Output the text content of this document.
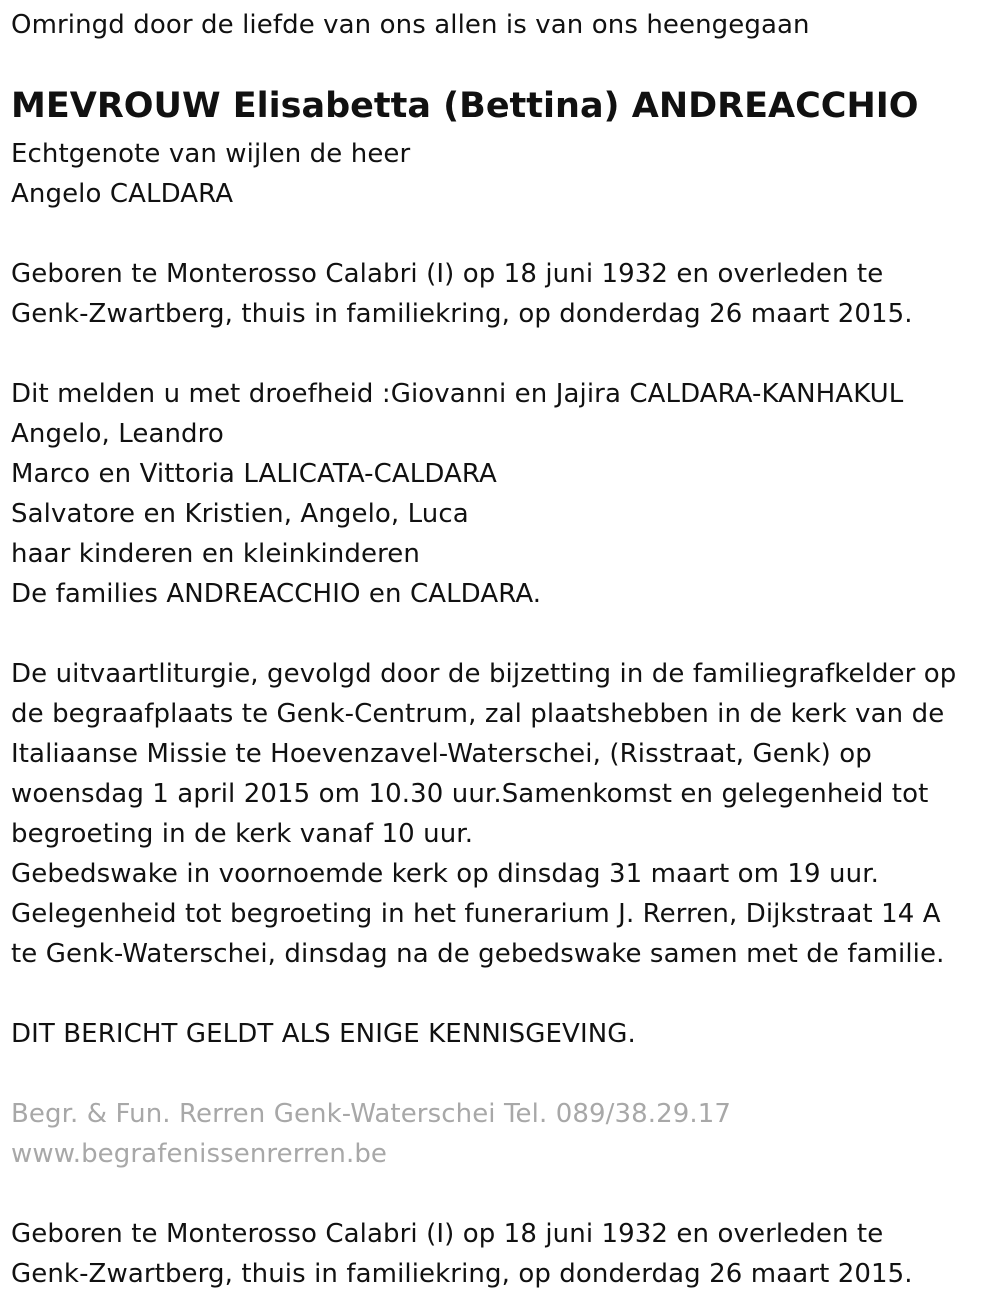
Omringd door de liefde van ons allen is van ons heengegaan
MEVROUW Elisabetta (Bettina) ANDREACCHIO
Echtgenote van wijlen de heer
Angelo CALDARA
Geboren te Monterosso Calabri (I) op 18 juni 1932 en overleden te
Genk-Zwartberg, thuis in familiekring, op donderdag 26 maart 2015.
Dit melden u met droefheid :Giovanni en Jajira CALDARA-KANHAKUL
Angelo, Leandro
Marco en Vittoria LALICATA-CALDARA
Salvatore en Kristien, Angelo, Luca
haar kinderen en kleinkinderen
De families ANDREACCHIO en CALDARA.
De uitvaartliturgie, gevolgd door de bijzetting in de familiegrafkelder op
de begraafplaats te Genk-Centrum, zal plaatshebben in de kerk van de
Italiaanse Missie te Hoevenzavel-Waterschei, (Risstraat, Genk) op
woensdag 1 april 2015 om 10.30 uur.Samenkomst en gelegenheid tot
begroeting in de kerk vanaf 10 uur.
Gebedswake in voornoemde kerk op dinsdag 31 maart om 19 uur.
Gelegenheid tot begroeting in het funerarium J. Rerren, Dijkstraat 14 A
te Genk-Waterschei, dinsdag na de gebedswake samen met de familie.
DIT BERICHT GELDT ALS ENIGE KENNISGEVING.
Begr. & Fun. Rerren Genk-Waterschei Tel. 089/38.29.17
www.begrafenissenrerren.be
Geboren te Monterosso Calabri (I) op 18 juni 1932 en overleden te
Genk-Zwartberg, thuis in familiekring, op donderdag 26 maart 2015.
